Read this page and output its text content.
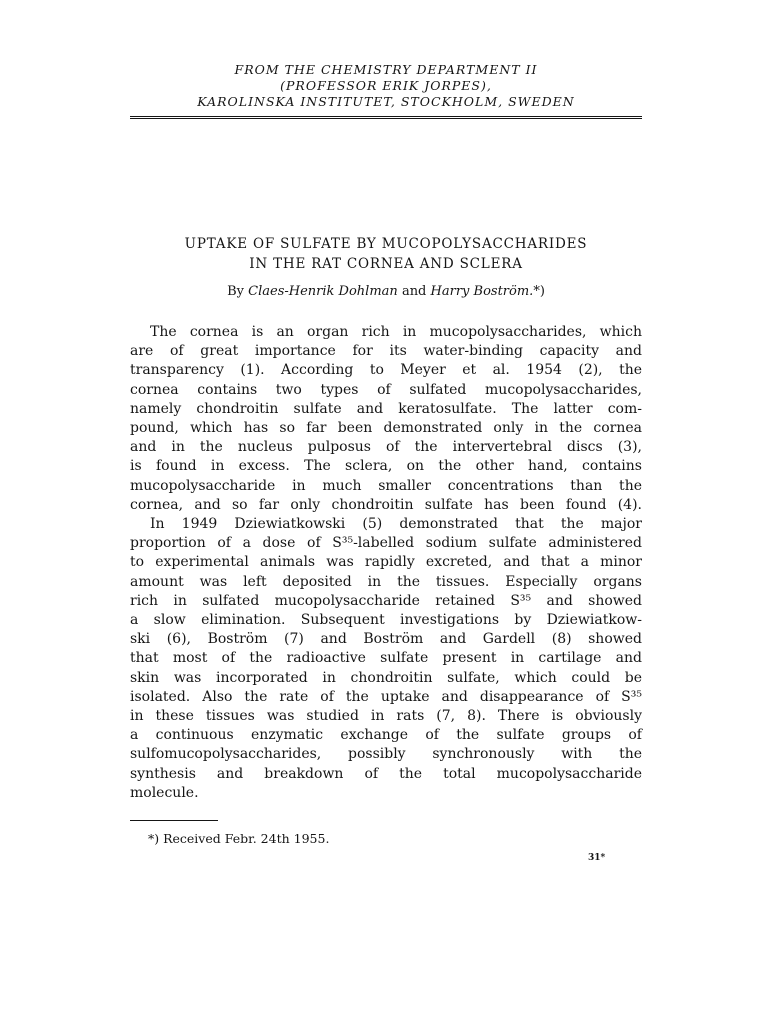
FROM THE CHEMISTRY DEPARTMENT II
(PROFESSOR ERIK JORPES),
KAROLINSKA INSTITUTET, STOCKHOLM, SWEDEN
UPTAKE OF SULFATE BY MUCOPOLYSACCHARIDES
IN THE RAT CORNEA AND SCLERA
By Claes-Henrik Dohlman and Harry Boström.*)

The cornea is an organ rich in mucopolysaccharides, which

are of great importance for its water-binding capacity and

transparency (1). According to Meyer et al. 1954 (2), the

cornea contains two types of sulfated mucopolysaccharides,

namely chondroitin sulfate and keratosulfate. The latter com-

pound, which has so far been demonstrated only in the cornea

and in the nucleus pulposus of the intervertebral discs (3),

is found in excess. The sclera, on the other hand, contains

mucopolysaccharide in much smaller concentrations than the

cornea, and so far only chondroitin sulfate has been found (4).

In 1949 Dziewiatkowski (5) demonstrated that the major

proportion of a dose of S³⁵-labelled sodium sulfate administered

to experimental animals was rapidly excreted, and that a minor

amount was left deposited in the tissues. Especially organs

rich in sulfated mucopolysaccharide retained S³⁵ and showed

a slow elimination. Subsequent investigations by Dziewiatkow-

ski (6), Boström (7) and Boström and Gardell (8) showed

that most of the radioactive sulfate present in cartilage and

skin was incorporated in chondroitin sulfate, which could be

isolated. Also the rate of the uptake and disappearance of S³⁵

in these tissues was studied in rats (7, 8). There is obviously

a continuous enzymatic exchange of the sulfate groups of

sulfomucopolysaccharides, possibly synchronously with the

synthesis and breakdown of the total mucopolysaccharide

molecule.

*) Received Febr. 24th 1955.
31*
